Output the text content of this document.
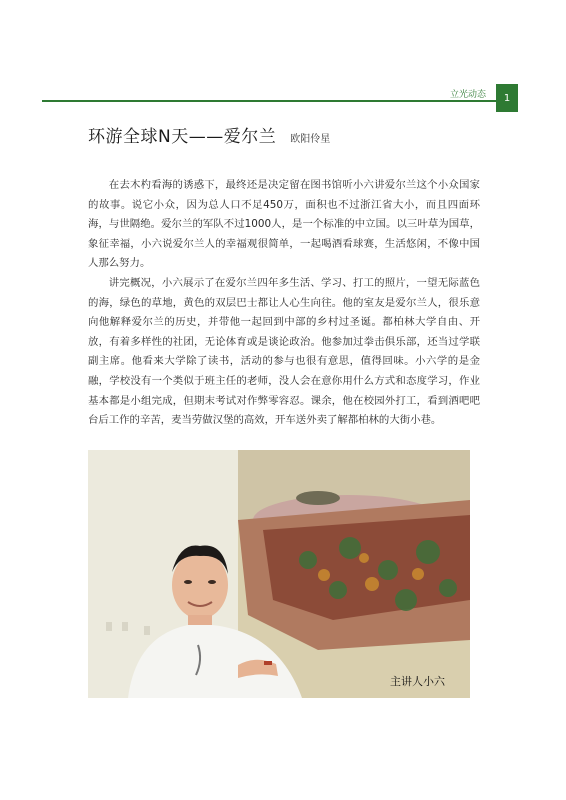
立光动态	1
环游全球N天——爱尔兰 欧阳伶星

在去木杓看海的诱惑下，最终还是决定留在图书馆听小六讲爱尔兰这个小众国家的故事。说它小众，因为总人口不足450万，面积也不过浙江省大小，而且四面环海，与世隔绝。爱尔兰的军队不过1000人，是一个标准的中立国。以三叶草为国草，象征幸福，小六说爱尔兰人的幸福观很简单，一起喝酒看球赛，生活悠闲，不像中国人那么努力。

讲完概况，小六展示了在爱尔兰四年多生活、学习、打工的照片，一望无际蓝色的海，绿色的草地，黄色的双层巴士都让人心生向往。他的室友是爱尔兰人，很乐意向他解释爱尔兰的历史，并带他一起回到中部的乡村过圣诞。都柏林大学自由、开放，有着多样性的社团，无论体育或是谈论政治。他参加过拳击俱乐部，还当过学联副主席。他看来大学除了读书，活动的参与也很有意思，值得回味。小六学的是金融，学校没有一个类似于班主任的老师，没人会在意你用什么方式和态度学习，作业基本都是小组完成，但期末考试对作弊零容忍。课余，他在校园外打工，看到酒吧吧台后工作的辛苦，麦当劳做汉堡的高效，开车送外卖了解都柏林的大街小巷。

主讲人小六
